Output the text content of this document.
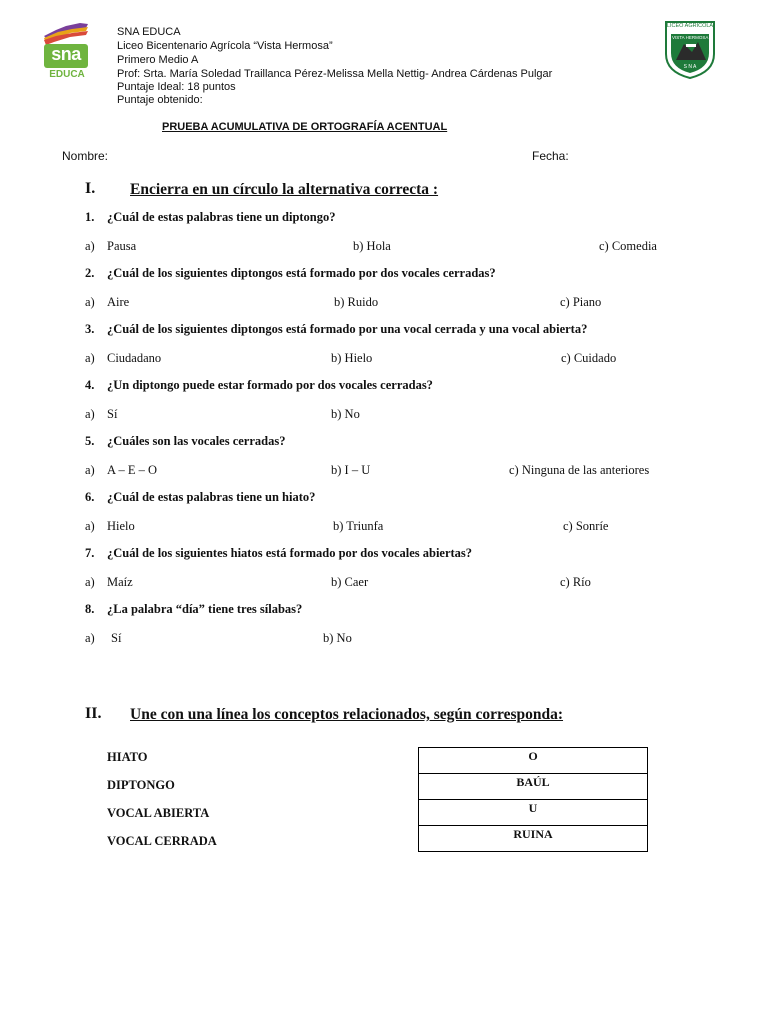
sna
EDUCA
SNA EDUCA
Liceo Bicentenario Agrícola “Vista Hermosa”
Primero Medio A
Prof: Srta. María Soledad Traillanca Pérez-Melissa Mella Nettig- Andrea Cárdenas Pulgar
Puntaje Ideal: 18 puntos
Puntaje obtenido:
LICEO AGRICOLA
VISTA HERMOSA
S N A
PRUEBA ACUMULATIVA DE ORTOGRAFÍA ACENTUAL
Nombre:	Fecha:
I. Encierra en un círculo la alternativa correcta :
1. ¿Cuál de estas palabras tiene un diptongo?
a) Pausa	b) Hola	c) Comedia
2. ¿Cuál de los siguientes diptongos está formado por dos vocales cerradas?
a) Aire	b) Ruido	c) Piano
3. ¿Cuál de los siguientes diptongos está formado por una vocal cerrada y una vocal abierta?
a) Ciudadano	b) Hielo	c) Cuidado
4. ¿Un diptongo puede estar formado por dos vocales cerradas?
a) Sí	b) No
5. ¿Cuáles son las vocales cerradas?
a) A – E – O	b) I – U	c) Ninguna de las anteriores
6. ¿Cuál de estas palabras tiene un hiato?
a) Hielo	b) Triunfa	c) Sonríe
7. ¿Cuál de los siguientes hiatos está formado por dos vocales abiertas?
a) Maíz	b) Caer	c) Río
8. ¿La palabra “día” tiene tres sílabas?
a) Sí	b) No
II. Une con una línea los conceptos relacionados, según corresponda:
HIATO
DIPTONGO
VOCAL ABIERTA
VOCAL CERRADA
O
BAÚL
U
RUINA
